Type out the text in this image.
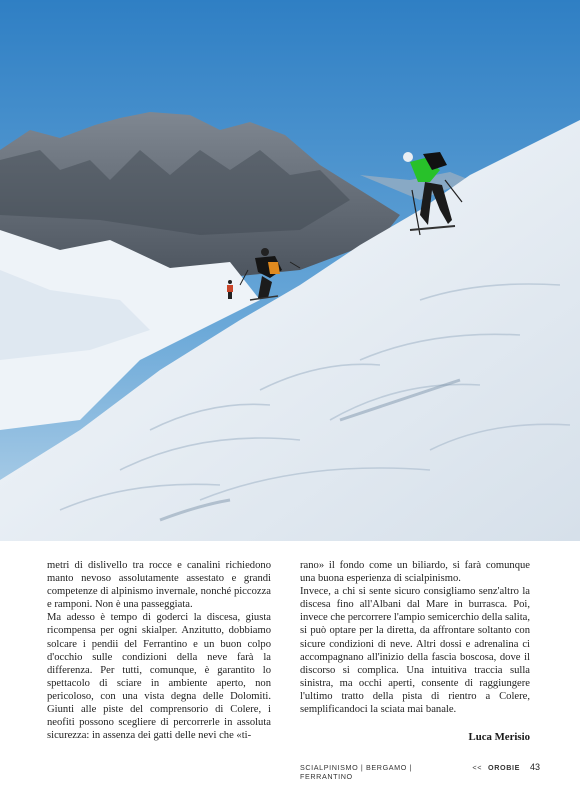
metri di dislivello tra rocce e canalini richiedono manto nevoso assolutamente assestato e grandi competenze di alpinismo invernale, nonché piccozza e ramponi. Non è una passeggiata.

Ma adesso è tempo di goderci la discesa, giusta ricompensa per ogni skialper. Anzitutto, dobbiamo solcare i pendii del Ferrantino e un buon colpo d'occhio sulle condizioni della neve farà la differenza. Per tutti, comunque, è garantito lo spettacolo di sciare in ambiente aperto, non pericoloso, con una vista degna delle Dolomiti. Giunti alle piste del comprensorio di Colere, i neofiti possono scegliere di percorrerle in assoluta sicurezza: in assenza dei gatti delle nevi che «ti-

rano» il fondo come un biliardo, si farà comunque una buona esperienza di scialpinismo.

Invece, a chi si sente sicuro consigliamo senz'altro la discesa fino all'Albani dal Mare in burrasca. Poi, invece che percorrere l'ampio semicerchio della salita, si può optare per la diretta, da affrontare soltanto con sicure condizioni di neve. Altri dossi e adrenalina ci accompagnano all'inizio della fascia boscosa, dove il discorso si complica. Una intuitiva traccia sulla sinistra, ma occhi aperti, consente di raggiungere l'ultimo tratto della pista di rientro a Colere, semplificandoci la sciata mai banale.

Luca Merisio
SCIALPINISMO | BERGAMO | FERRANTINO
<< OROBIE 43
